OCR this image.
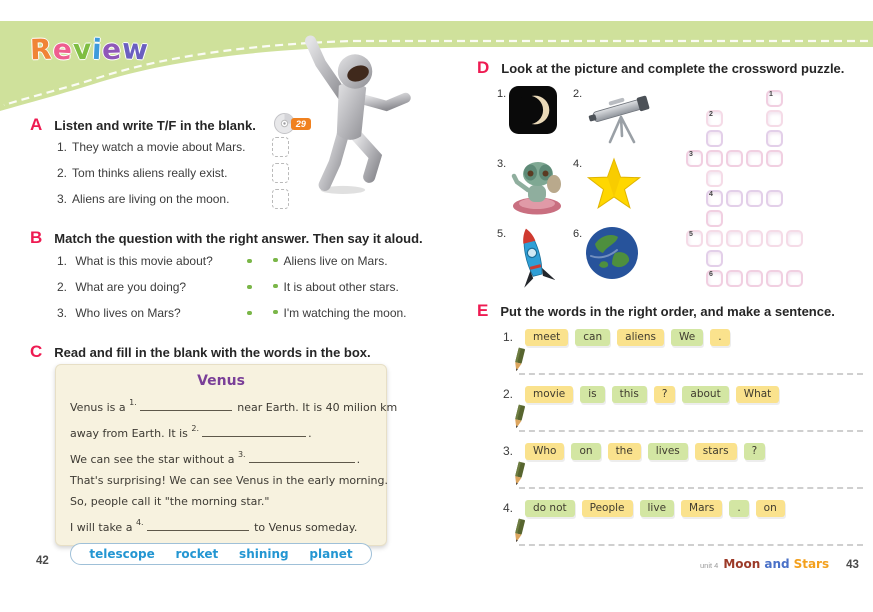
Review
A Listen and write T/F in the blank.	29
1. They watch a movie about Mars.
2. Tom thinks aliens really exist.
3. Aliens are living on the moon.
B Match the question with the right answer. Then say it aloud.
1. What is this movie about?	Aliens live on Mars.
2. What are you doing?	It is about other stars.
3. Who lives on Mars?	I'm watching the moon.
C Read and fill in the blank with the words in the box.
Venus

Venus is a $^{1.}$	near Earth. It is 40 milion km

away from Earth. It is $^{2.}$	.

We can see the star without a $^{3.}$	.

That's surprising! We can see Venus in the early morning.

So, people call it "the morning star."

I will take a $^{4.}$	to Venus someday.

telescope rocket shining planet
42
D Look at the picture and complete the crossword puzzle.
1.	2.
3.	4.
5.	6.
1
2
3
4
5
6
E Put the words in the right order, and make a sentence.
1.	meet	can	aliens	We	.
2.	movie	is	this	?	about	What
3.	Who	on	the	lives	stars	?
4.	do not	People	live	Mars	.	on
unit 4 Moon and Stars 43
